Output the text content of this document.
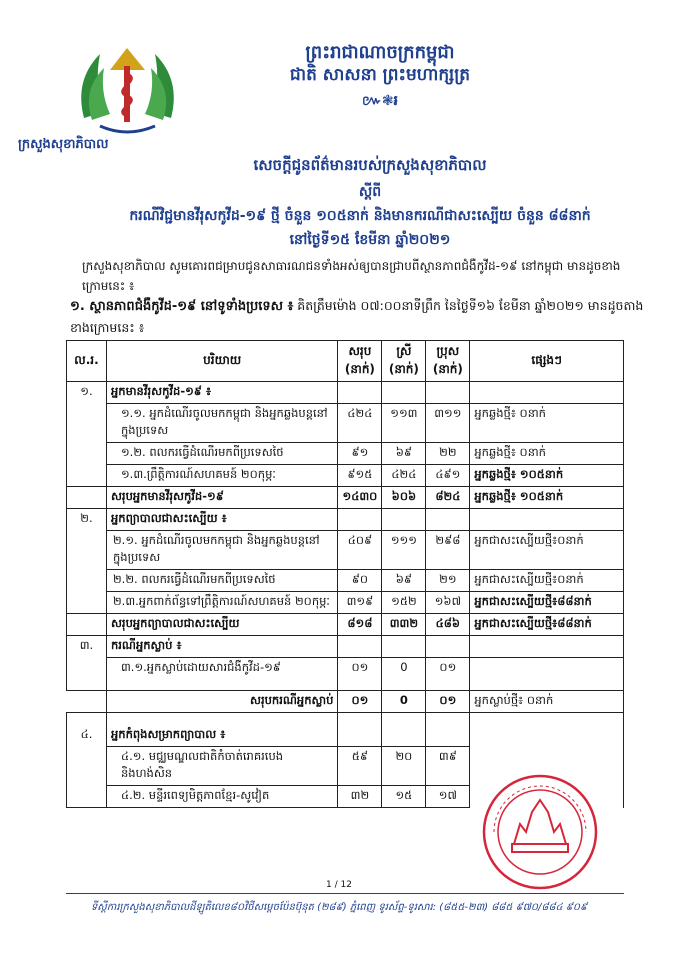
ក្រសួងសុខាភិបាល
ព្រះរាជាណាចក្រកម្ពុជា
ជាតិ សាសនា ព្រះមហាក្សត្រ
៚❃៛
សេចក្តីជូនព័ត៌មានរបស់ក្រសួងសុខាភិបាល
ស្តីពី
ករណីវិជ្ជមានវីរុសកូវីដ-១៩ ថ្មី ចំនួន ១០៥នាក់ និងមានករណីជាសះស្បើយ ចំនួន ៨៨នាក់
នៅថ្ងៃទី១៥ ខែមីនា ឆ្នាំ២០២១
ក្រសួងសុខាភិបាល សូមគោរពជម្រាបជូនសាធារណជនទាំងអស់ឲ្យបានជ្រាបពីស្ថានភាពជំងឺកូវីដ-១៩ នៅកម្ពុជា មានដូចខាងក្រោមនេះ ៖
១. ស្ថានភាពជំងឺកូវីដ-១៩ នៅទូទាំងប្រទេស ៖ គិតត្រឹមម៉ោង ០៧:០០នាទីព្រឹក នៃថ្ងៃទី១៦ ខែមីនា ឆ្នាំ២០២១ មានដូចតាងខាងក្រោមនេះ ៖
ល.រ.	បរិយាយ	សរុប (នាក់)	ស្រី (នាក់)	ប្រុស (នាក់)	ផ្សេងៗ
១.	អ្នកមានវីរុសកូវីដ-១៩ ៖				
	១.១. អ្នកដំណើរចូលមកកម្ពុជា និងអ្នកឆ្លងបន្តនៅក្នុងប្រទេស	៤២៤	១១៣	៣១១	អ្នកឆ្លងថ្មី៖ ០នាក់
	១.២. ពលករធ្វើដំណើរមកពីប្រទេសថៃ	៩១	៦៩	២២	អ្នកឆ្លងថ្មី៖ ០នាក់
	១.៣.ព្រឹត្តិការណ៍សហគមន៍ ២០កុម្ភៈ	៩១៥	៤២៤	៤៩១	អ្នកឆ្លងថ្មី៖ ១០៥នាក់
	សរុបអ្នកមានវីរុសកូវីដ-១៩	១៤៣០	៦០៦	៨២៤	អ្នកឆ្លងថ្មី៖ ១០៥នាក់
២.	អ្នកព្យាបាលជាសះស្បើយ ៖				
	២.១. អ្នកដំណើរចូលមកកម្ពុជា និងអ្នកឆ្លងបន្តនៅក្នុងប្រទេស	៤០៩	១១១	២៩៨	អ្នកជាសះស្បើយថ្មី៖០នាក់
	២.២. ពលករធ្វើដំណើរមកពីប្រទេសថៃ	៩០	៦៩	២១	អ្នកជាសះស្បើយថ្មី៖០នាក់
	២.៣.អ្នកពាក់ព័ន្ធទៅព្រឹត្តិការណ៍សហគមន៍ ២០កុម្ភៈ	៣១៩	១៥២	១៦៧	អ្នកជាសះស្បើយថ្មី៖៨៨នាក់
	សរុបអ្នកព្យាបាលជាសះស្បើយ	៨១៨	៣៣២	៤៨៦	អ្នកជាសះស្បើយថ្មី៖៨៨នាក់
៣.	ករណីអ្នកស្លាប់ ៖				
	៣.១.អ្នកស្លាប់ដោយសារជំងឺកូវីដ-១៩	០១	0	០១	
	សរុបករណីអ្នកស្លាប់	០១	0	០១	អ្នកស្លាប់ថ្មី៖ ០នាក់
៤.	អ្នកកំពុងសម្រាកព្យាបាល ៖				
	៤.១. មជ្ឈមណ្ឌលជាតិកំចាត់រោគរបេង និងហង់សិន	៥៩	២០	៣៩	
	៤.២. មន្ទីរពេទ្យមិត្តភាពខ្មែរ-សូវៀត	៣២	១៥	១៧	
1 / 12
ទីស្តីការក្រសួងសុខាភិបាលដីឡូតិលេខ៨០វិថីសម្តេចប៉ែនប៊ុនុត (២៨៩) ភ្នំពេញ ទូរស័ព្ទ-ទូរសារ: (៨៥៥-២៣) ៨៨៥ ៩៧០/៨៨៤ ៩០៩
